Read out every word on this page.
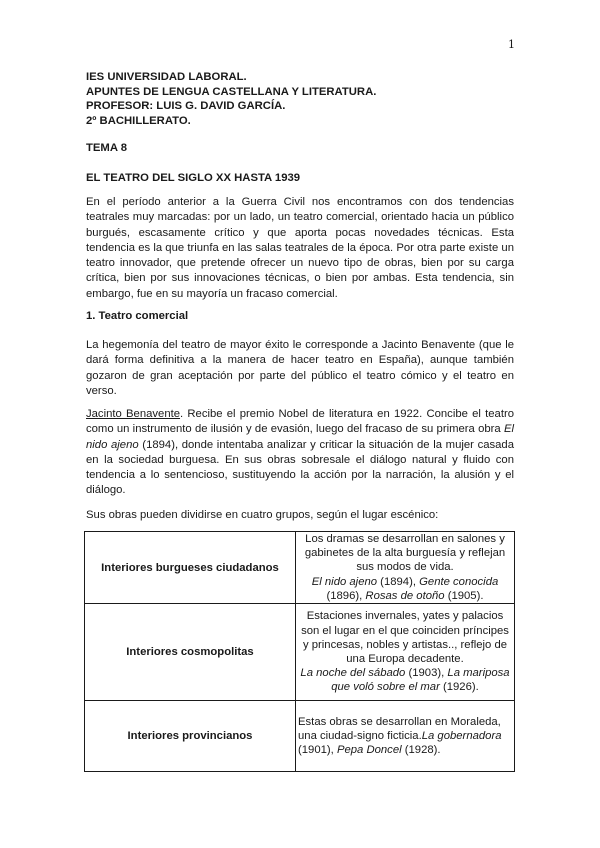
1
IES UNIVERSIDAD LABORAL.
APUNTES DE LENGUA CASTELLANA Y LITERATURA.
PROFESOR: LUIS G. DAVID GARCÍA.
2º BACHILLERATO.
TEMA 8
EL TEATRO DEL SIGLO XX HASTA 1939
En el período anterior a la Guerra Civil nos encontramos con dos tendencias teatrales muy marcadas: por un lado, un teatro comercial, orientado hacia un público burgués, escasamente crítico y que aporta pocas novedades técnicas. Esta tendencia es la que triunfa en las salas teatrales de la época. Por otra parte existe un teatro innovador, que pretende ofrecer un nuevo tipo de obras, bien por su carga crítica, bien por sus innovaciones técnicas, o bien por ambas. Esta tendencia, sin embargo, fue en su mayoría un fracaso comercial.
1. Teatro comercial
La hegemonía del teatro de mayor éxito le corresponde a Jacinto Benavente (que le dará forma definitiva a la manera de hacer teatro en España), aunque también gozaron de gran aceptación por parte del público el teatro cómico y el teatro en verso.
Jacinto Benavente. Recibe el premio Nobel de literatura en 1922. Concibe el teatro como un instrumento de ilusión y de evasión, luego del fracaso de su primera obra El nido ajeno (1894), donde intentaba analizar y criticar la situación de la mujer casada en la sociedad burguesa. En sus obras sobresale el diálogo natural y fluido con tendencia a lo sentencioso, sustituyendo la acción por la narración, la alusión y el diálogo.
Sus obras pueden dividirse en cuatro grupos, según el lugar escénico:
Interiores burgueses ciudadanos	Los dramas se desarrollan en salones y gabinetes de la alta burguesía y reflejan sus modos de vida.
El nido ajeno (1894), Gente conocida (1896), Rosas de otoño (1905).
Interiores cosmopolitas	Estaciones invernales, yates y palacios son el lugar en el que coinciden príncipes y princesas, nobles y artistas.., reflejo de una Europa decadente.
La noche del sábado (1903), La mariposa que voló sobre el mar (1926).
Interiores provincianos	Estas obras se desarrollan en Moraleda, una ciudad-signo ficticia.La gobernadora (1901), Pepa Doncel (1928).
